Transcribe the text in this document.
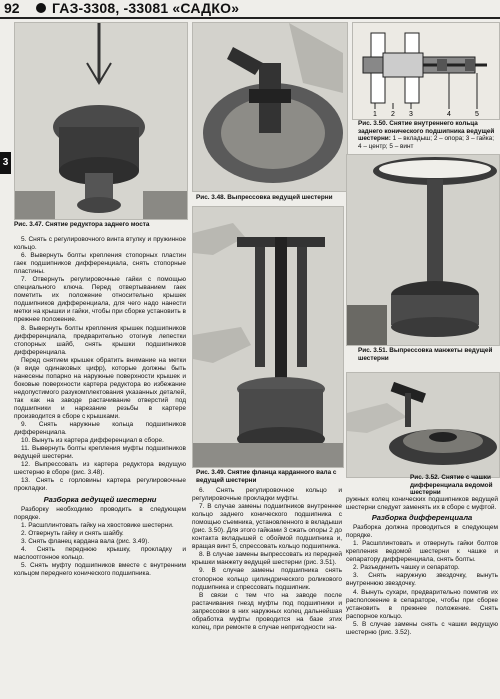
92 ГАЗ-3308, -33081 «САДКО»
3
Рис. 3.47. Снятие редуктора заднего моста
Рис. 3.48. Выпрессовка ведущей шестерни
1 2 3	4	5
Рис. 3.50. Снятие внутреннего кольца заднего конического подшипника ведущей шестерни: 1 – вкладыш; 2 – опора; 3 – гайка; 4 – центр; 5 – винт
Рис. 3.49. Снятие фланца карданного вала с ведущей шестерни
Рис. 3.51. Выпрессовка манжеты ведущей шестерни
Рис. 3.52. Снятие с чашки дифференциала ведомой шестерни

5. Снять с регулировочного винта втулку и пружинное кольцо.

6. Вывернуть болты крепления стопорных пластин гаек подшипников дифференциала, снять стопорные пластины.

7. Отвернуть регулировочные гайки с помощью специального ключа. Перед отвертыванием гаек пометить их положение относительно крышек подшипников дифференциала, для чего надо нанести метки на крышки и гайки, чтобы при сборке установить в прежнее положение.

8. Вывернуть болты крепления крышек подшипников дифференциала, предварительно отогнув лепестки стопорных шайб, снять крышки подшипников дифференциала.

Перед снятием крышек обратить внимание на метки (в виде одинаковых цифр), которые должны быть нанесены попарно на наружные поверхности крышек и боковые поверхности картера редуктора во избежание недопустимого разукомплектования указанных деталей, так как на заводе растачивание отверстий под подшипники и нарезание резьбы в картере производится в сборе с крышками.

9. Снять наружные кольца подшипников дифференциала.

10. Вынуть из картера дифференциал в сборе.

11. Вывернуть болты крепления муфты подшипников ведущей шестерни.

12. Выпрессовать из картера редуктора ведущую шестерню в сборе (рис. 3.48).

13. Снять с горловины картера регулировочные прокладки.

Разборка ведущей шестерни

Разборку необходимо проводить в следующем порядке.

1. Расшплинтовать гайку на хвостовике шестерни.

2. Отвернуть гайку и снять шайбу.

3. Снять фланец кардана вала (рис. 3.49).

4. Снять переднюю крышку, прокладку и маслоотгонное кольцо.

5. Снять муфту подшипников вместе с внутренним кольцом переднего конического подшипника.

6. Снять регулировочное кольцо и регулировочные прокладки муфты.

7. В случае замены подшипников внутреннее кольцо заднего конического подшипника с помощью съемника, установленного в вкладыши (рис. 3.50). Для этого гайками 3 сжать опоры 2 до контакта вкладышей с обоймой подшипника и, вращая винт 5, спрессовать кольцо подшипника.

8. В случае замены выпрессовать из передней крышки манжету ведущей шестерни (рис. 3.51).

9. В случае замены подшипника снять стопорное кольцо цилиндрического роликового подшипника и спрессовать подшипник.

В связи с тем что на заводе после растачивания гнезд муфты под подшипники и запрессовки в них наружных колец дальнейшая обработка муфты проводится на базе этих колец, при ремонте в случае непригодности на-

ружных колец конических подшипников ведущей шестерни следует заменять их в сборе с муфтой.

Разборка дифференциала

Разборка должна проводиться в следующем порядке.

1. Расшплинтовать и отвернуть гайки болтов крепления ведомой шестерни к чашке и сепаратору дифференциала, снять болты.

2. Разъединить чашку и сепаратор.

3. Снять наружную звездочку, вынуть внутреннюю звездочку.

4. Вынуть сухари, предварительно пометив их расположение в сепараторе, чтобы при сборке установить в прежнее положение. Снять распорное кольцо.

5. В случае замены снять с чашки ведущую шестерню (рис. 3.52).
